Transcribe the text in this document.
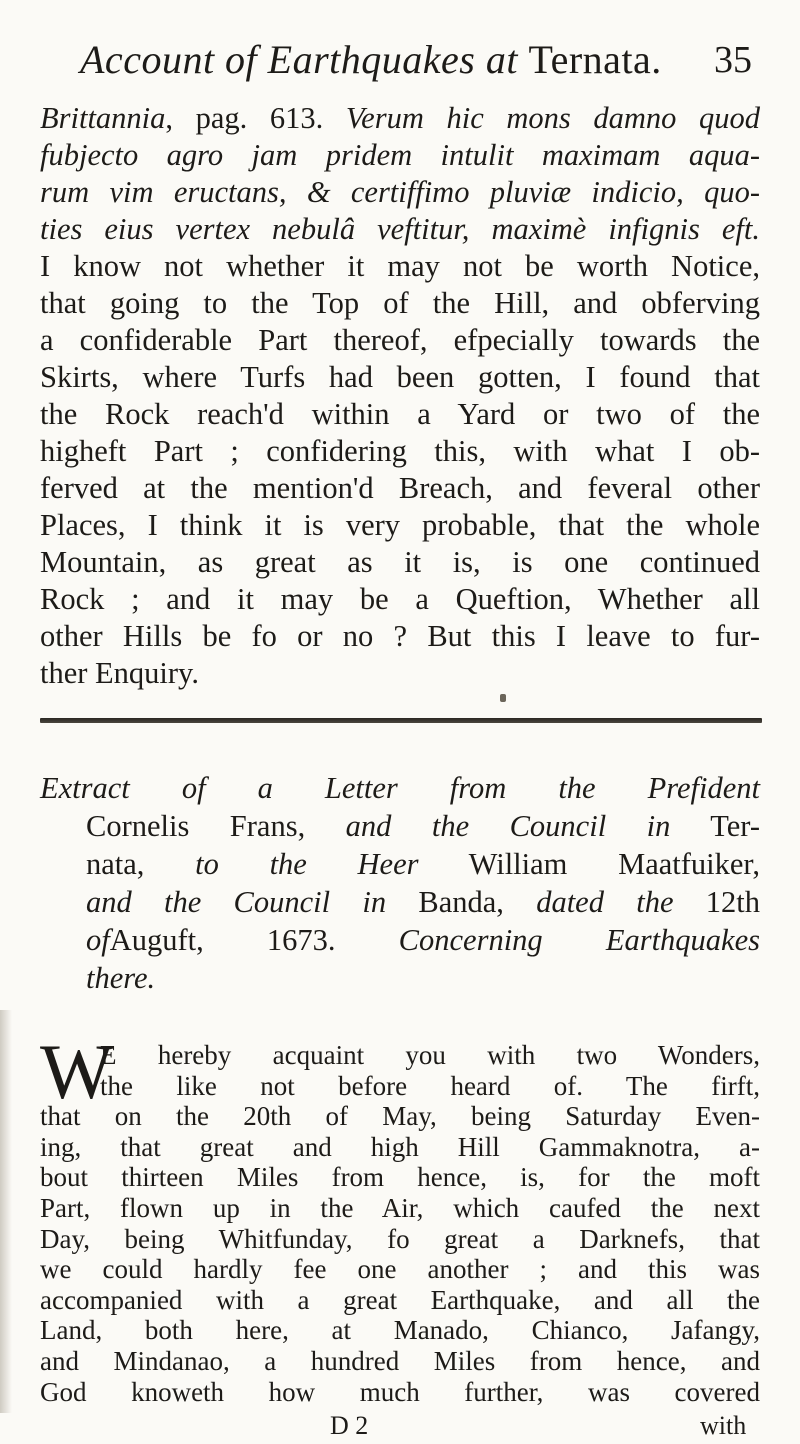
Account of Earthquakes at Ternata. 35
Brittannia, pag. 613. Verum hic mons damno quod
fubjecto agro jam pridem intulit maximam aqua-
rum vim eructans, & certiffimo pluviæ indicio, quo-
ties eius vertex nebulâ veftitur, maximè infignis eft.
I know not whether it may not be worth Notice,
that going to the Top of the Hill, and obferving
a confiderable Part thereof, efpecially towards the
Skirts, where Turfs had been gotten, I found that
the Rock reach'd within a Yard or two of the
higheft Part ; confidering this, with what I ob-
ferved at the mention'd Breach, and feveral other
Places, I think it is very probable, that the whole
Mountain, as great as it is, is one continued
Rock ; and it may be a Queftion, Whether all
other Hills be fo or no ? But this I leave to fur-
ther Enquiry.
Extract of a Letter from the Prefident
Cornelis Frans, and the Council in Ter-
nata, to the Heer William Maatfuiker,
and the Council in Banda, dated the 12th
ofAuguft, 1673. Concerning Earthquakes
there.
W
E hereby acquaint you with two Wonders,
the like not before heard of. The firft,
that on the 20th of May, being Saturday Even-
ing, that great and high Hill Gammaknotra, a-
bout thirteen Miles from hence, is, for the moft
Part, flown up in the Air, which caufed the next
Day, being Whitfunday, fo great a Darknefs, that
we could hardly fee one another ; and this was
accompanied with a great Earthquake, and all the
Land, both here, at Manado, Chianco, Jafangy,
and Mindanao, a hundred Miles from hence, and
God knoweth how much further, was covered
D 2	with
